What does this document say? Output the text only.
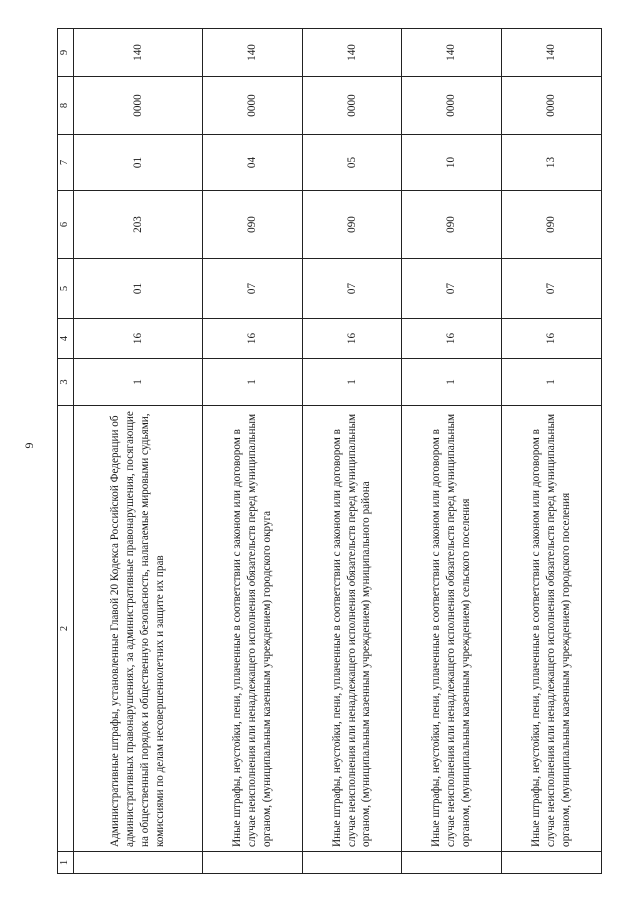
6
1	2	3	4	5	6	7	8	9
	Административные штрафы, установленные Главой 20 Кодекса Российской Федерации об административных правонарушениях, за административные правонарушения, посягающие на общественный порядок и общественную безопасность, налагаемые мировыми судьями, комиссиями по делам несовершеннолетних и защите их прав	1	16	01	203	01	0000	140
	Иные штрафы, неустойки, пени, уплаченные в соответствии с законом или договором в случае неисполнения или ненадлежащего исполнения обязательств перед муниципальным органом, (муниципальным казенным учреждением) городского округа	1	16	07	090	04	0000	140
	Иные штрафы, неустойки, пени, уплаченные в соответствии с законом или договором в случае неисполнения или ненадлежащего исполнения обязательств перед муниципальным органом, (муниципальным казенным учреждением) муниципального района	1	16	07	090	05	0000	140
	Иные штрафы, неустойки, пени, уплаченные в соответствии с законом или договором в случае неисполнения или ненадлежащего исполнения обязательств перед муниципальным органом, (муниципальным казенным учреждением) сельского поселения	1	16	07	090	10	0000	140
	Иные штрафы, неустойки, пени, уплаченные в соответствии с законом или договором в случае неисполнения или ненадлежащего исполнения обязательств перед муниципальным органом, (муниципальным казенным учреждением) городского поселения	1	16	07	090	13	0000	140
